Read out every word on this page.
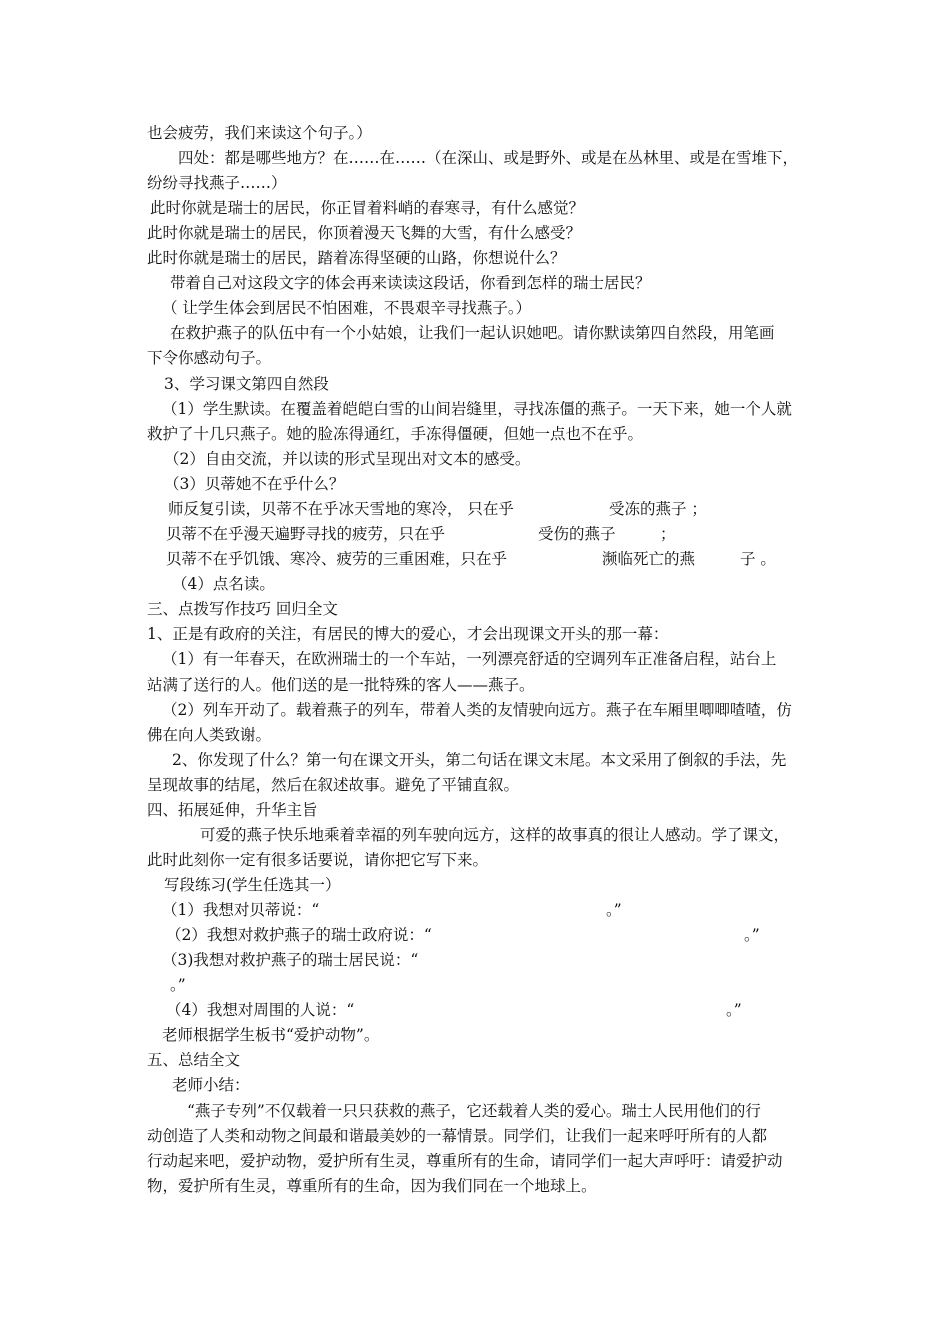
也会疲劳，我们来读这个句子。）
四处：都是哪些地方？在……在……（在深山、或是野外、或是在丛林里、或是在雪堆下，
纷纷寻找燕子……）
此时你就是瑞士的居民，你正冒着料峭的春寒寻，有什么感觉？
此时你就是瑞士的居民，你顶着漫天飞舞的大雪，有什么感受？
此时你就是瑞士的居民，踏着冻得坚硬的山路，你想说什么？
带着自己对这段文字的体会再来读读这段话，你看到怎样的瑞士居民？
（ 让学生体会到居民不怕困难，不畏艰辛寻找燕子。）
在救护燕子的队伍中有一个小姑娘，让我们一起认识她吧。请你默读第四自然段，用笔画
下令你感动句子。
3、学习课文第四自然段
（1）学生默读。在覆盖着皑皑白雪的山间岩缝里，寻找冻僵的燕子。一天下来，她一个人就
救护了十几只燕子。她的脸冻得通红，手冻得僵硬，但她一点也不在乎。
（2）自由交流，并以读的形式呈现出对文本的感受。
（3）贝蒂她不在乎什么？
师反复引读，贝蒂不在乎冰天雪地的寒冷， 只在乎	受冻的燕子 ；
贝蒂不在乎漫天遍野寻找的疲劳，只在乎	受伤的燕子	；
贝蒂不在乎饥饿、寒冷、疲劳的三重困难，只在乎	濒临死亡的燕	子 。
（4）点名读。
三、点拨写作技巧 回归全文
1、正是有政府的关注，有居民的博大的爱心，才会出现课文开头的那一幕：
（1）有一年春天，在欧洲瑞士的一个车站，一列漂亮舒适的空调列车正准备启程，站台上
站满了送行的人。他们送的是一批特殊的客人——燕子。
（2）列车开动了。载着燕子的列车，带着人类的友情驶向远方。燕子在车厢里唧唧喳喳，仿
佛在向人类致谢。
2、你发现了什么？第一句在课文开头，第二句话在课文末尾。本文采用了倒叙的手法，先
呈现故事的结尾，然后在叙述故事。避免了平铺直叙。
四、拓展延伸，升华主旨
可爱的燕子快乐地乘着幸福的列车驶向远方，这样的故事真的很让人感动。学了课文，
此时此刻你一定有很多话要说，请你把它写下来。
写段练习(学生任选其一）
（1）我想对贝蒂说：“	。”
（2）我想对救护燕子的瑞士政府说：“	。”
（3)我想对救护燕子的瑞士居民说：“
。”
（4）我想对周围的人说：“	。”
老师根据学生板书“爱护动物”。
五、总结全文
老师小结：
“燕子专列”不仅载着一只只获救的燕子，它还载着人类的爱心。瑞士人民用他们的行
动创造了人类和动物之间最和谐最美妙的一幕情景。同学们，让我们一起来呼吁所有的人都
行动起来吧，爱护动物，爱护所有生灵，尊重所有的生命，请同学们一起大声呼吁：请爱护动
物，爱护所有生灵，尊重所有的生命，因为我们同在一个地球上。
